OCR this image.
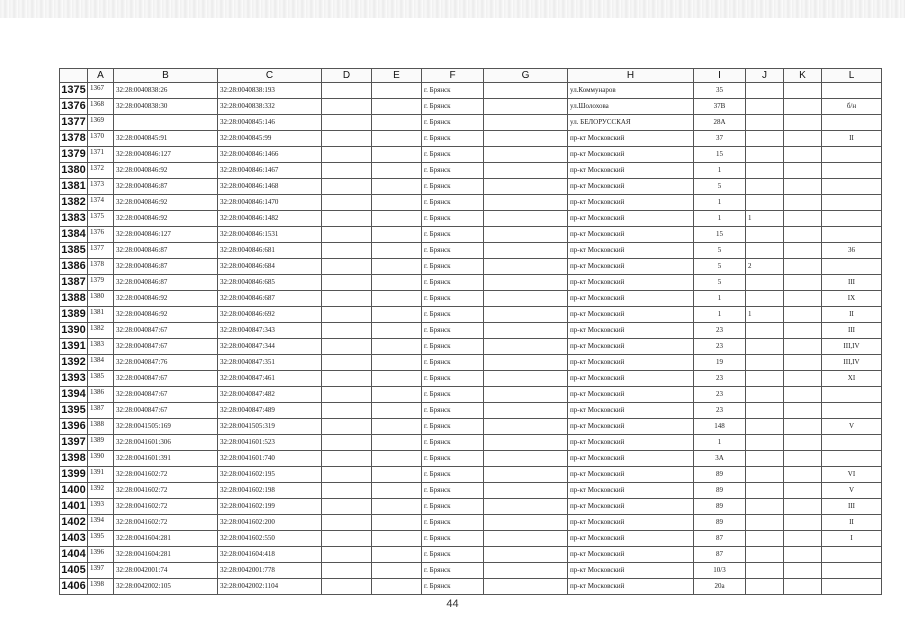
	A	B	C	D	E	F	G	H	I	J	K	L
1375	1367	32:28:0040838:26	32:28:0040838:193			г. Брянск		ул.Коммунаров	35			
1376	1368	32:28:0040838:30	32:28:0040838:332			г. Брянск		ул.Шолохова	37В			б/н
1377	1369		32:28:0040845:146			г. Брянск		ул. БЕЛОРУССКАЯ	28А			
1378	1370	32:28:0040845:91	32:28:0040845:99			г. Брянск		пр-кт Московский	37			II
1379	1371	32:28:0040846:127	32:28:0040846:1466			г. Брянск		пр-кт Московский	15			
1380	1372	32:28:0040846:92	32:28:0040846:1467			г. Брянск		пр-кт Московский	1			
1381	1373	32:28:0040846:87	32:28:0040846:1468			г. Брянск		пр-кт Московский	5			
1382	1374	32:28:0040846:92	32:28:0040846:1470			г. Брянск		пр-кт Московский	1			
1383	1375	32:28:0040846:92	32:28:0040846:1482			г. Брянск		пр-кт Московский	1	1		
1384	1376	32:28:0040846:127	32:28:0040846:1531			г. Брянск		пр-кт Московский	15			
1385	1377	32:28:0040846:87	32:28:0040846:681			г. Брянск		пр-кт Московский	5			36
1386	1378	32:28:0040846:87	32:28:0040846:684			г. Брянск		пр-кт Московский	5	2		
1387	1379	32:28:0040846:87	32:28:0040846:685			г. Брянск		пр-кт Московский	5			III
1388	1380	32:28:0040846:92	32:28:0040846:687			г. Брянск		пр-кт Московский	1			IX
1389	1381	32:28:0040846:92	32:28:0040846:692			г. Брянск		пр-кт Московский	1	1		II
1390	1382	32:28:0040847:67	32:28:0040847:343			г. Брянск		пр-кт Московский	23			III
1391	1383	32:28:0040847:67	32:28:0040847:344			г. Брянск		пр-кт Московский	23			III,IV
1392	1384	32:28:0040847:76	32:28:0040847:351			г. Брянск		пр-кт Московский	19			III,IV
1393	1385	32:28:0040847:67	32:28:0040847:461			г. Брянск		пр-кт Московский	23			XI
1394	1386	32:28:0040847:67	32:28:0040847:482			г. Брянск		пр-кт Московский	23			
1395	1387	32:28:0040847:67	32:28:0040847:489			г. Брянск		пр-кт Московский	23			
1396	1388	32:28:0041505:169	32:28:0041505:319			г. Брянск		пр-кт Московский	148			V
1397	1389	32:28:0041601:306	32:28:0041601:523			г. Брянск		пр-кт Московский	1			
1398	1390	32:28:0041601:391	32:28:0041601:740			г. Брянск		пр-кт Московский	3А			
1399	1391	32:28:0041602:72	32:28:0041602:195			г. Брянск		пр-кт Московский	89			VI
1400	1392	32:28:0041602:72	32:28:0041602:198			г. Брянск		пр-кт Московский	89			V
1401	1393	32:28:0041602:72	32:28:0041602:199			г. Брянск		пр-кт Московский	89			III
1402	1394	32:28:0041602:72	32:28:0041602:200			г. Брянск		пр-кт Московский	89			II
1403	1395	32:28:0041604:281	32:28:0041602:550			г. Брянск		пр-кт Московский	87			I
1404	1396	32:28:0041604:281	32:28:0041604:418			г. Брянск		пр-кт Московский	87			
1405	1397	32:28:0042001:74	32:28:0042001:778			г. Брянск		пр-кт Московский	10/3			
1406	1398	32:28:0042002:105	32:28:0042002:1104			г. Брянск		пр-кт Московский	20а			
44
